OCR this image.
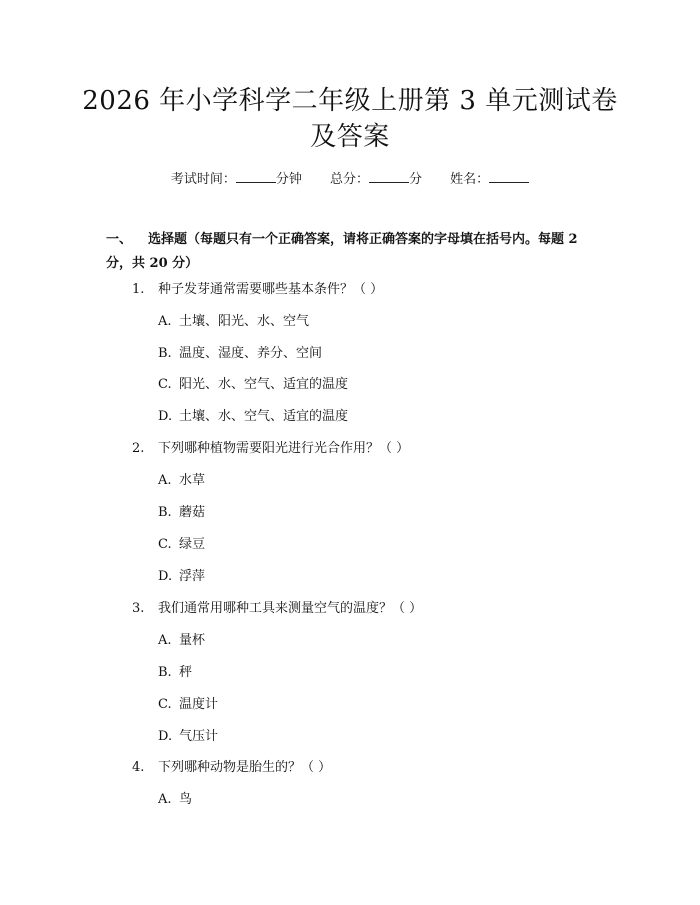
2026 年小学科学二年级上册第 3 单元测试卷
及答案
考试时间：	分钟 总分：	分 姓名：
一、 选择题（每题只有一个正确答案，请将正确答案的字母填在括号内。每题 2 分，共 20 分）
1. 种子发芽通常需要哪些基本条件？（ ）
A. 土壤、阳光、水、空气
B. 温度、湿度、养分、空间
C. 阳光、水、空气、适宜的温度
D. 土壤、水、空气、适宜的温度
2. 下列哪种植物需要阳光进行光合作用？（ ）
A. 水草
B. 蘑菇
C. 绿豆
D. 浮萍
3. 我们通常用哪种工具来测量空气的温度？（ ）
A. 量杯
B. 秤
C. 温度计
D. 气压计
4. 下列哪种动物是胎生的？（ ）
A. 鸟
